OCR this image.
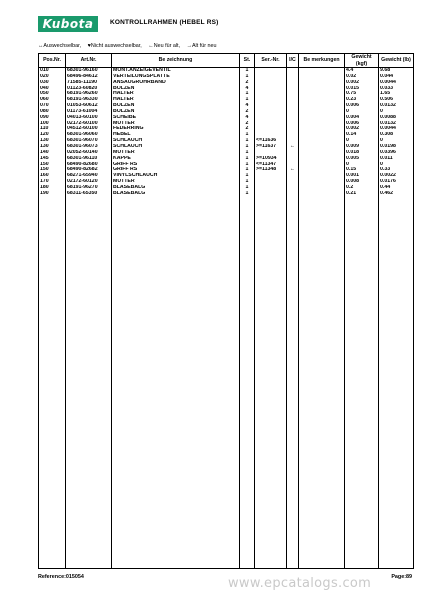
Kubota	KONTROLLRAHMEN (HEBEL RS)
↔Auswechselbar, ♥Nicht auswechselbar, ←Neu für alt, →Alt für neu
Pos.Nr.	Art.Nr.	Be zeichnung	St.	Ser.-Nr.	I/C	Be merkungen	Gewicht (kgf)	Gewicht (lb)
010	68301-96160	MONT.ANZEIGEVENTIL	1				4.4	9.68
020	68496-84612	VERTEILUNGSPLATTE	1				0.02	0.044
030	71585-11190	ANSAUGROHRBAND	2				0.002	0.0044
040	01123-60820	BOLZEN	4				0.015	0.033
050	68191-96260	HALTER	1				0.75	1.65
060	68191-96330	HALTER	1				0.23	0.506
070	01053-60612	BOLZEN	4				0.006	0.0132
080	01173-61004	BOLZEN	2				0	0
090	04013-60100	SCHEIBE	4				0.004	0.0088
100	02172-60100	MUTTER	2				0.006	0.0132
110	04512-60100	FEDERRING	2				0.002	0.0044
120	68301-96060	HEBEL	1				0.14	0.308
130	68301-96070	SCHLAUCH	1	<=11636			0	0
130	68301-96073	SCHLAUCH	1	>=11637	←		0.009	0.0198
140	02052-60140	MUTTER	1				0.018	0.0396
145	68301-96110	KAPPE	1	>=10934			0.005	0.011
150	68490-82680	GRIFF RS	1	<=11347			0	0
150	68490-82682	GRIFF RS	1	>=11348	←		0.15	0.33
160	68271-65940	VINYLSCHLAUCH	1				0.001	0.0022
170	02172-60120	MUTTER	1				0.008	0.0176
180	68191-96270	BLASEBALG	1				0.2	0.44
190	68311-65350	BLASEBALG	1				0.21	0.462

Reference:015054	www.epcatalogs.com	Page:89
